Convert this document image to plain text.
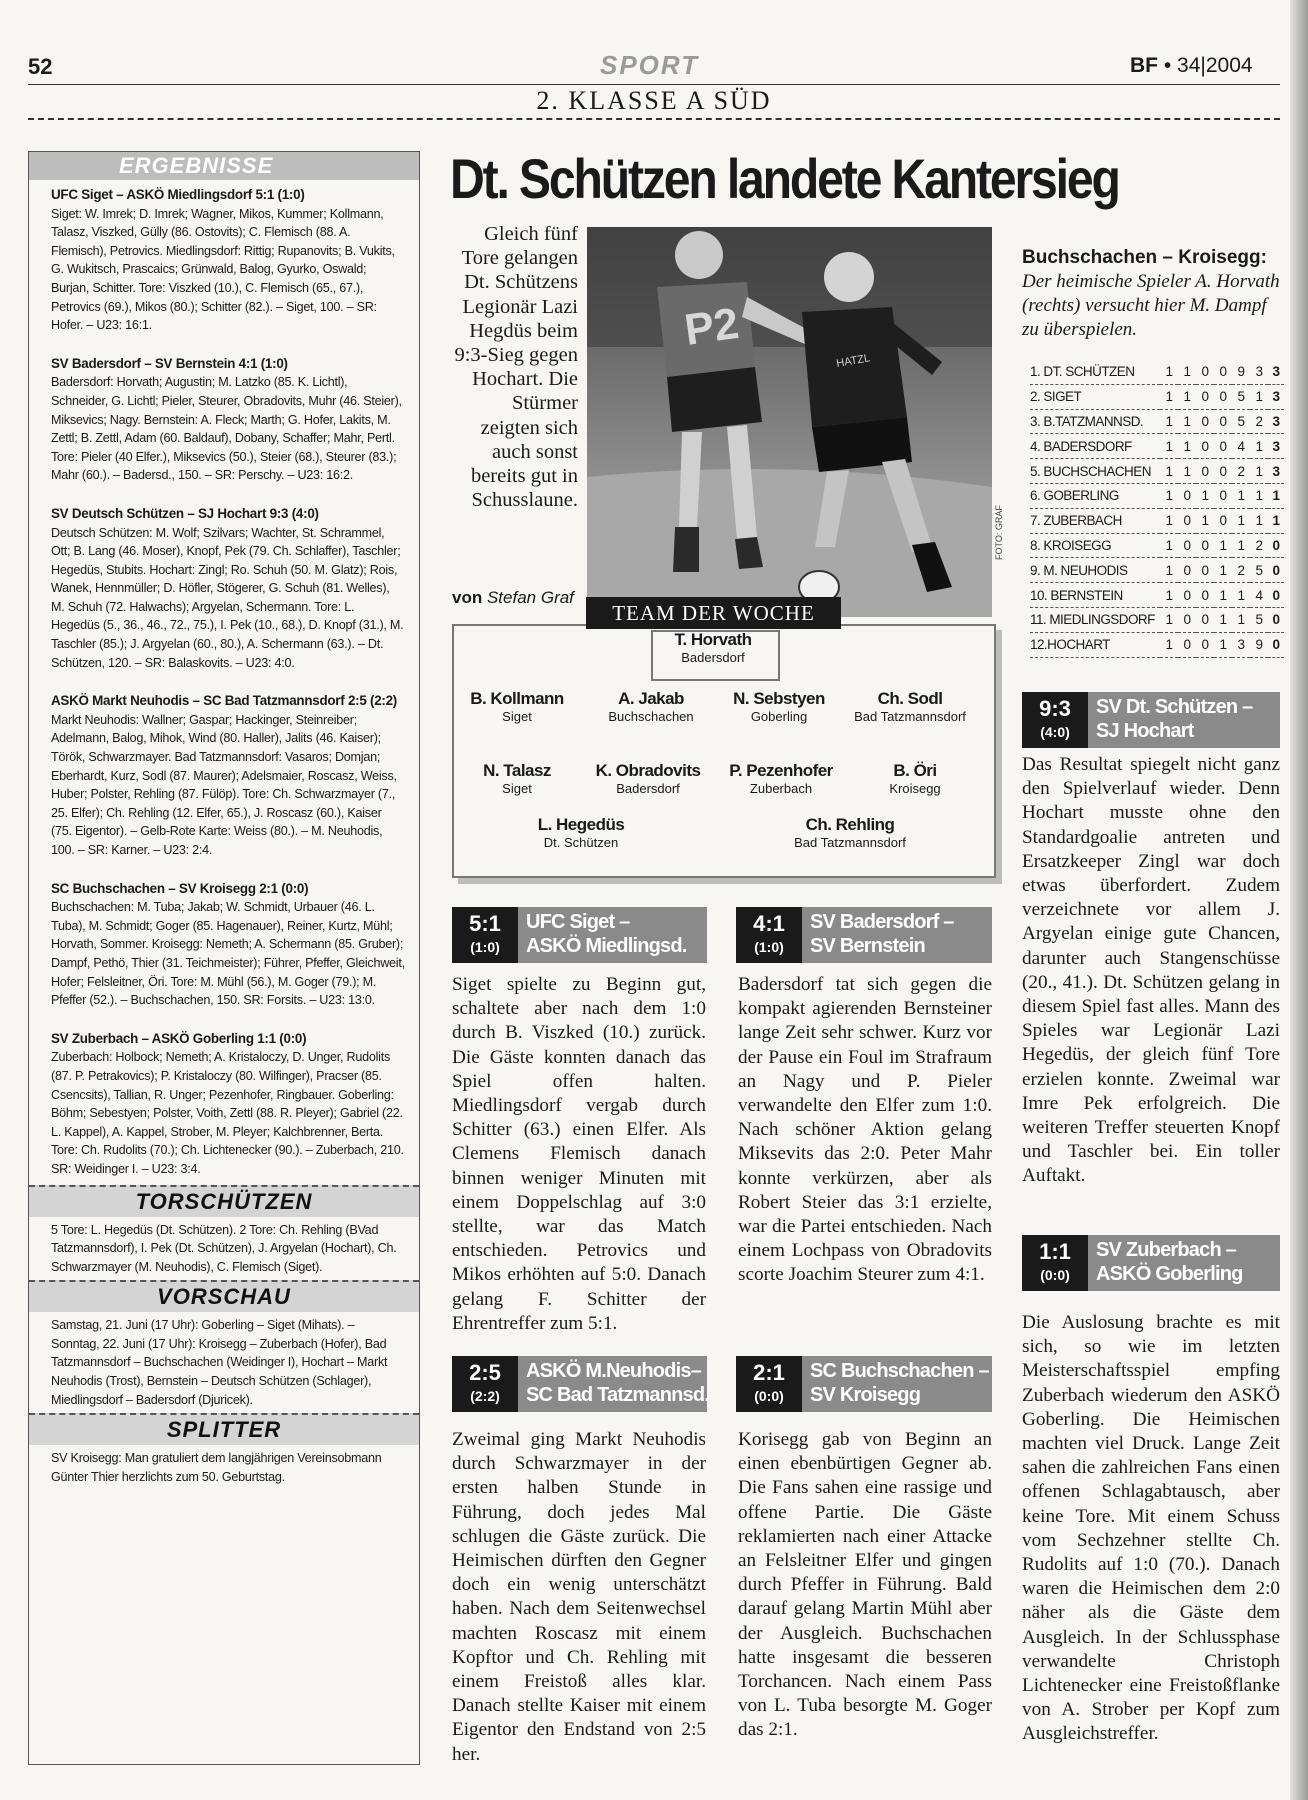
52	SPORT	BF • 34|2004
2. KLASSE A SÜD
ERGEBNISSE
UFC Siget – ASKÖ Miedlingsdorf 5:1 (1:0)
Siget: W. Imrek; D. Imrek; Wagner, Mikos, Kummer; Kollmann, Talasz, Viszked, Gülly (86. Ostovits); C. Flemisch (88. A. Flemisch), Petrovics. Miedlingsdorf: Rittig; Rupanovits; B. Vukits, G. Wukitsch, Prascaics; Grünwald, Balog, Gyurko, Oswald; Burjan, Schitter. Tore: Viszked (10.), C. Flemisch (65., 67.), Petrovics (69.), Mikos (80.); Schitter (82.). – Siget, 100. – SR: Hofer. – U23: 16:1.
SV Badersdorf – SV Bernstein 4:1 (1:0)
Badersdorf: Horvath; Augustin; M. Latzko (85. K. Lichtl), Schneider, G. Lichtl; Pieler, Steurer, Obradovits, Muhr (46. Steier), Miksevics; Nagy. Bernstein: A. Fleck; Marth; G. Hofer, Lakits, M. Zettl; B. Zettl, Adam (60. Baldauf), Dobany, Schaffer; Mahr, Pertl. Tore: Pieler (40 Elfer.), Miksevics (50.), Steier (68.), Steurer (83.); Mahr (60.). – Badersd., 150. – SR: Perschy. – U23: 16:2.
SV Deutsch Schützen – SJ Hochart 9:3 (4:0)
Deutsch Schützen: M. Wolf; Szilvars; Wachter, St. Schrammel, Ott; B. Lang (46. Moser), Knopf, Pek (79. Ch. Schlaffer), Taschler; Hegedüs, Stubits. Hochart: Zingl; Ro. Schuh (50. M. Glatz); Rois, Wanek, Hennmüller; D. Höfler, Stögerer, G. Schuh (81. Welles), M. Schuh (72. Halwachs); Argyelan, Schermann. Tore: L. Hegedüs (5., 36., 46., 72., 75.), I. Pek (10., 68.), D. Knopf (31.), M. Taschler (85.); J. Argyelan (60., 80.), A. Schermann (63.). – Dt. Schützen, 120. – SR: Balaskovits. – U23: 4:0.
ASKÖ Markt Neuhodis – SC Bad Tatzmannsdorf 2:5 (2:2)
Markt Neuhodis: Wallner; Gaspar; Hackinger, Steinreiber; Adelmann, Balog, Mihok, Wind (80. Haller), Jalits (46. Kaiser); Török, Schwarzmayer. Bad Tatzmannsdorf: Vasaros; Domjan; Eberhardt, Kurz, Sodl (87. Maurer); Adelsmaier, Roscasz, Weiss, Huber; Polster, Rehling (87. Fülöp). Tore: Ch. Schwarzmayer (7., 25. Elfer); Ch. Rehling (12. Elfer, 65.), J. Roscasz (60.), Kaiser (75. Eigentor). – Gelb-Rote Karte: Weiss (80.). – M. Neuhodis, 100. – SR: Karner. – U23: 2:4.
SC Buchschachen – SV Kroisegg 2:1 (0:0)
Buchschachen: M. Tuba; Jakab; W. Schmidt, Urbauer (46. L. Tuba), M. Schmidt; Goger (85. Hagenauer), Reiner, Kurtz, Mühl; Horvath, Sommer. Kroisegg: Nemeth; A. Schermann (85. Gruber); Dampf, Pethö, Thier (31. Teichmeister); Führer, Pfeffer, Gleichweit, Hofer; Felsleitner, Öri. Tore: M. Mühl (56.), M. Goger (79.); M. Pfeffer (52.). – Buchschachen, 150. SR: Forsits. – U23: 13:0.
SV Zuberbach – ASKÖ Goberling 1:1 (0:0)
Zuberbach: Holbock; Nemeth; A. Kristaloczy, D. Unger, Rudolits (87. P. Petrakovics); P. Kristaloczy (80. Wilfinger), Pracser (85. Csencsits), Tallian, R. Unger; Pezenhofer, Ringbauer. Goberling: Böhm; Sebestyen; Polster, Voith, Zettl (88. R. Pleyer); Gabriel (22. L. Kappel), A. Kappel, Strober, M. Pleyer; Kalchbrenner, Berta. Tore: Ch. Rudolits (70.); Ch. Lichtenecker (90.). – Zuberbach, 210. SR: Weidinger I. – U23: 3:4.
TORSCHÜTZEN
5 Tore: L. Hegedüs (Dt. Schützen). 2 Tore: Ch. Rehling (BVad Tatzmannsdorf), I. Pek (Dt. Schützen), J. Argyelan (Hochart), Ch. Schwarzmayer (M. Neuhodis), C. Flemisch (Siget).
VORSCHAU
Samstag, 21. Juni (17 Uhr): Goberling – Siget (Mihats). – Sonntag, 22. Juni (17 Uhr): Kroisegg – Zuberbach (Hofer), Bad Tatzmannsdorf – Buchschachen (Weidinger I), Hochart – Markt Neuhodis (Trost), Bernstein – Deutsch Schützen (Schlager), Miedlingsdorf – Badersdorf (Djuricek).
SPLITTER
SV Kroisegg: Man gratuliert dem langjährigen Vereinsobmann Günter Thier herzlichts zum 50. Geburtstag.
Dt. Schützen landete Kantersieg
Gleich fünf Tore gelangen Dt. Schützens Legionär Lazi Hegdüs beim 9:3-Sieg gegen Hochart. Die Stürmer zeigten sich auch sonst bereits gut in Schusslaune.
von Stefan Graf
P2
HATZL
FOTO: GRAF
Buchschachen – Kroisegg:
Der heimische Spieler A. Horvath (rechts) versucht hier M. Dampf zu überspielen.
1. DT. SCHÜTZEN	1	1	0	0	9	3	3
2. SIGET	1	1	0	0	5	1	3
3. B.TATZMANNSD.	1	1	0	0	5	2	3
4. BADERSDORF	1	1	0	0	4	1	3
5. BUCHSCHACHEN	1	1	0	0	2	1	3
6. GOBERLING	1	0	1	0	1	1	1
7. ZUBERBACH	1	0	1	0	1	1	1
8. KROISEGG	1	0	0	1	1	2	0
9. M. NEUHODIS	1	0	0	1	2	5	0
10. BERNSTEIN	1	0	0	1	1	4	0
11. MIEDLINGSDORF	1	0	0	1	1	5	0
12.HOCHART	1	0	0	1	3	9	0
TEAM DER WOCHE
T. Horvath
Badersdorf
B. Kollmann
Siget
A. Jakab
Buchschachen
N. Sebstyen
Goberling
Ch. Sodl
Bad Tatzmannsdorf
N. Talasz
Siget
K. Obradovits
Badersdorf
P. Pezenhofer
Zuberbach
B. Öri
Kroisegg
L. Hegedüs
Dt. Schützen
Ch. Rehling
Bad Tatzmannsdorf
5:1
(1:0)
UFC Siget –
ASKÖ Miedlingsd.
Siget spielte zu Beginn gut, schaltete aber nach dem 1:0 durch B. Viszked (10.) zurück. Die Gäste konnten danach das Spiel offen halten. Miedlingsdorf vergab durch Schitter (63.) einen Elfer. Als Clemens Flemisch danach binnen weniger Minuten mit einem Doppelschlag auf 3:0 stellte, war das Match entschieden. Petrovics und Mikos erhöhten auf 5:0. Danach gelang F. Schitter der Ehrentreffer zum 5:1.
4:1
(1:0)
SV Badersdorf –
SV Bernstein
Badersdorf tat sich gegen die kompakt agierenden Bernsteiner lange Zeit sehr schwer. Kurz vor der Pause ein Foul im Strafraum an Nagy und P. Pieler verwandelte den Elfer zum 1:0. Nach schöner Aktion gelang Miksevits das 2:0. Peter Mahr konnte verkürzen, aber als Robert Steier das 3:1 erzielte, war die Partei entschieden. Nach einem Lochpass von Obradovits scorte Joachim Steurer zum 4:1.
9:3
(4:0)
SV Dt. Schützen –
SJ Hochart
Das Resultat spiegelt nicht ganz den Spielverlauf wieder. Denn Hochart musste ohne den Standardgoalie antreten und Ersatzkeeper Zingl war doch etwas überfordert. Zudem verzeichnete vor allem J. Argyelan einige gute Chancen, darunter auch Stangenschüsse (20., 41.). Dt. Schützen gelang in diesem Spiel fast alles. Mann des Spieles war Legionär Lazi Hegedüs, der gleich fünf Tore erzielen konnte. Zweimal war Imre Pek erfolgreich. Die weiteren Treffer steuerten Knopf und Taschler bei. Ein toller Auftakt.
2:5
(2:2)
ASKÖ M.Neuhodis–
SC Bad Tatzmannsd.
Zweimal ging Markt Neuhodis durch Schwarzmayer in der ersten halben Stunde in Führung, doch jedes Mal schlugen die Gäste zurück. Die Heimischen dürften den Gegner doch ein wenig unterschätzt haben. Nach dem Seitenwechsel machten Roscasz mit einem Kopftor und Ch. Rehling mit einem Freistoß alles klar. Danach stellte Kaiser mit einem Eigentor den Endstand von 2:5 her.
2:1
(0:0)
SC Buchschachen –
SV Kroisegg
Korisegg gab von Beginn an einen ebenbürtigen Gegner ab. Die Fans sahen eine rassige und offene Partie. Die Gäste reklamierten nach einer Attacke an Felsleitner Elfer und gingen durch Pfeffer in Führung. Bald darauf gelang Martin Mühl aber der Ausgleich. Buchschachen hatte insgesamt die besseren Torchancen. Nach einem Pass von L. Tuba besorgte M. Goger das 2:1.
1:1
(0:0)
SV Zuberbach –
ASKÖ Goberling
Die Auslosung brachte es mit sich, so wie im letzten Meisterschaftsspiel empfing Zuberbach wiederum den ASKÖ Goberling. Die Heimischen machten viel Druck. Lange Zeit sahen die zahlreichen Fans einen offenen Schlagabtausch, aber keine Tore. Mit einem Schuss vom Sechzehner stellte Ch. Rudolits auf 1:0 (70.). Danach waren die Heimischen dem 2:0 näher als die Gäste dem Ausgleich. In der Schlussphase verwandelte Christoph Lichtenecker eine Freistoßflanke von A. Strober per Kopf zum Ausgleichstreffer.
